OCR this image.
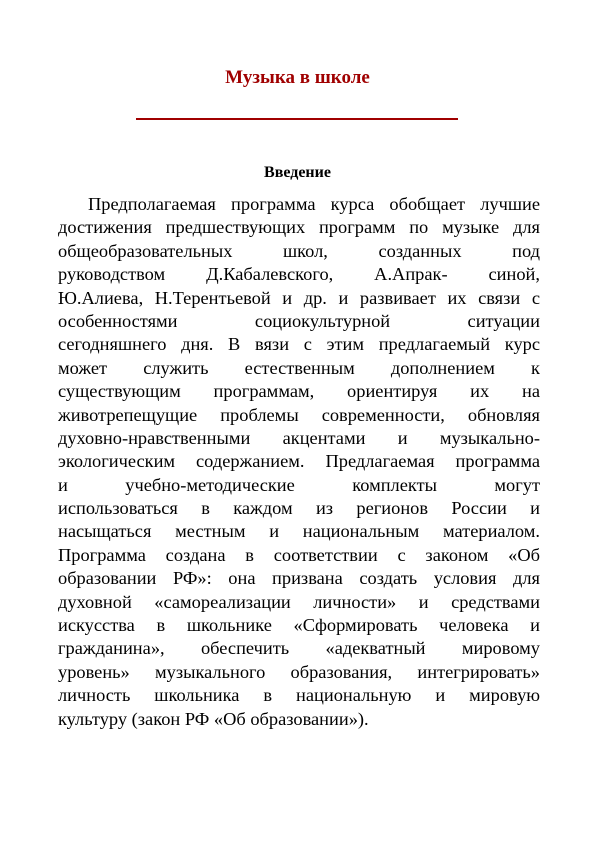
Музыка в школе
Введение
Предполагаемая программа курса обобщает лучшие
достижения предшествующих программ по музыке для
общеобразовательных школ, созданных под
руководством Д.Кабалевского, А.Апрак- синой,
Ю.Алиева, Н.Терентьевой и др. и развивает их связи с
особенностями социокультурной ситуации
сегодняшнего дня. В вязи с этим предлагаемый курс
может служить естественным дополнением к
существующим программам, ориентируя их на
животрепещущие проблемы современности, обновляя
духовно-нравственными акцентами и музыкально-
экологическим содержанием. Предлагаемая программа
и учебно-методические комплекты могут
использоваться в каждом из регионов России и
насыщаться местным и национальным материалом.
Программа создана в соответствии с законом «Об
образовании РФ»: она призвана создать условия для
духовной «самореализации личности» и средствами
искусства в школьнике «Сформировать человека и
гражданина», обеспечить «адекватный мировому
уровень» музыкального образования, интегрировать»
личность школьника в национальную и мировую
культуру (закон РФ «Об образовании»).
